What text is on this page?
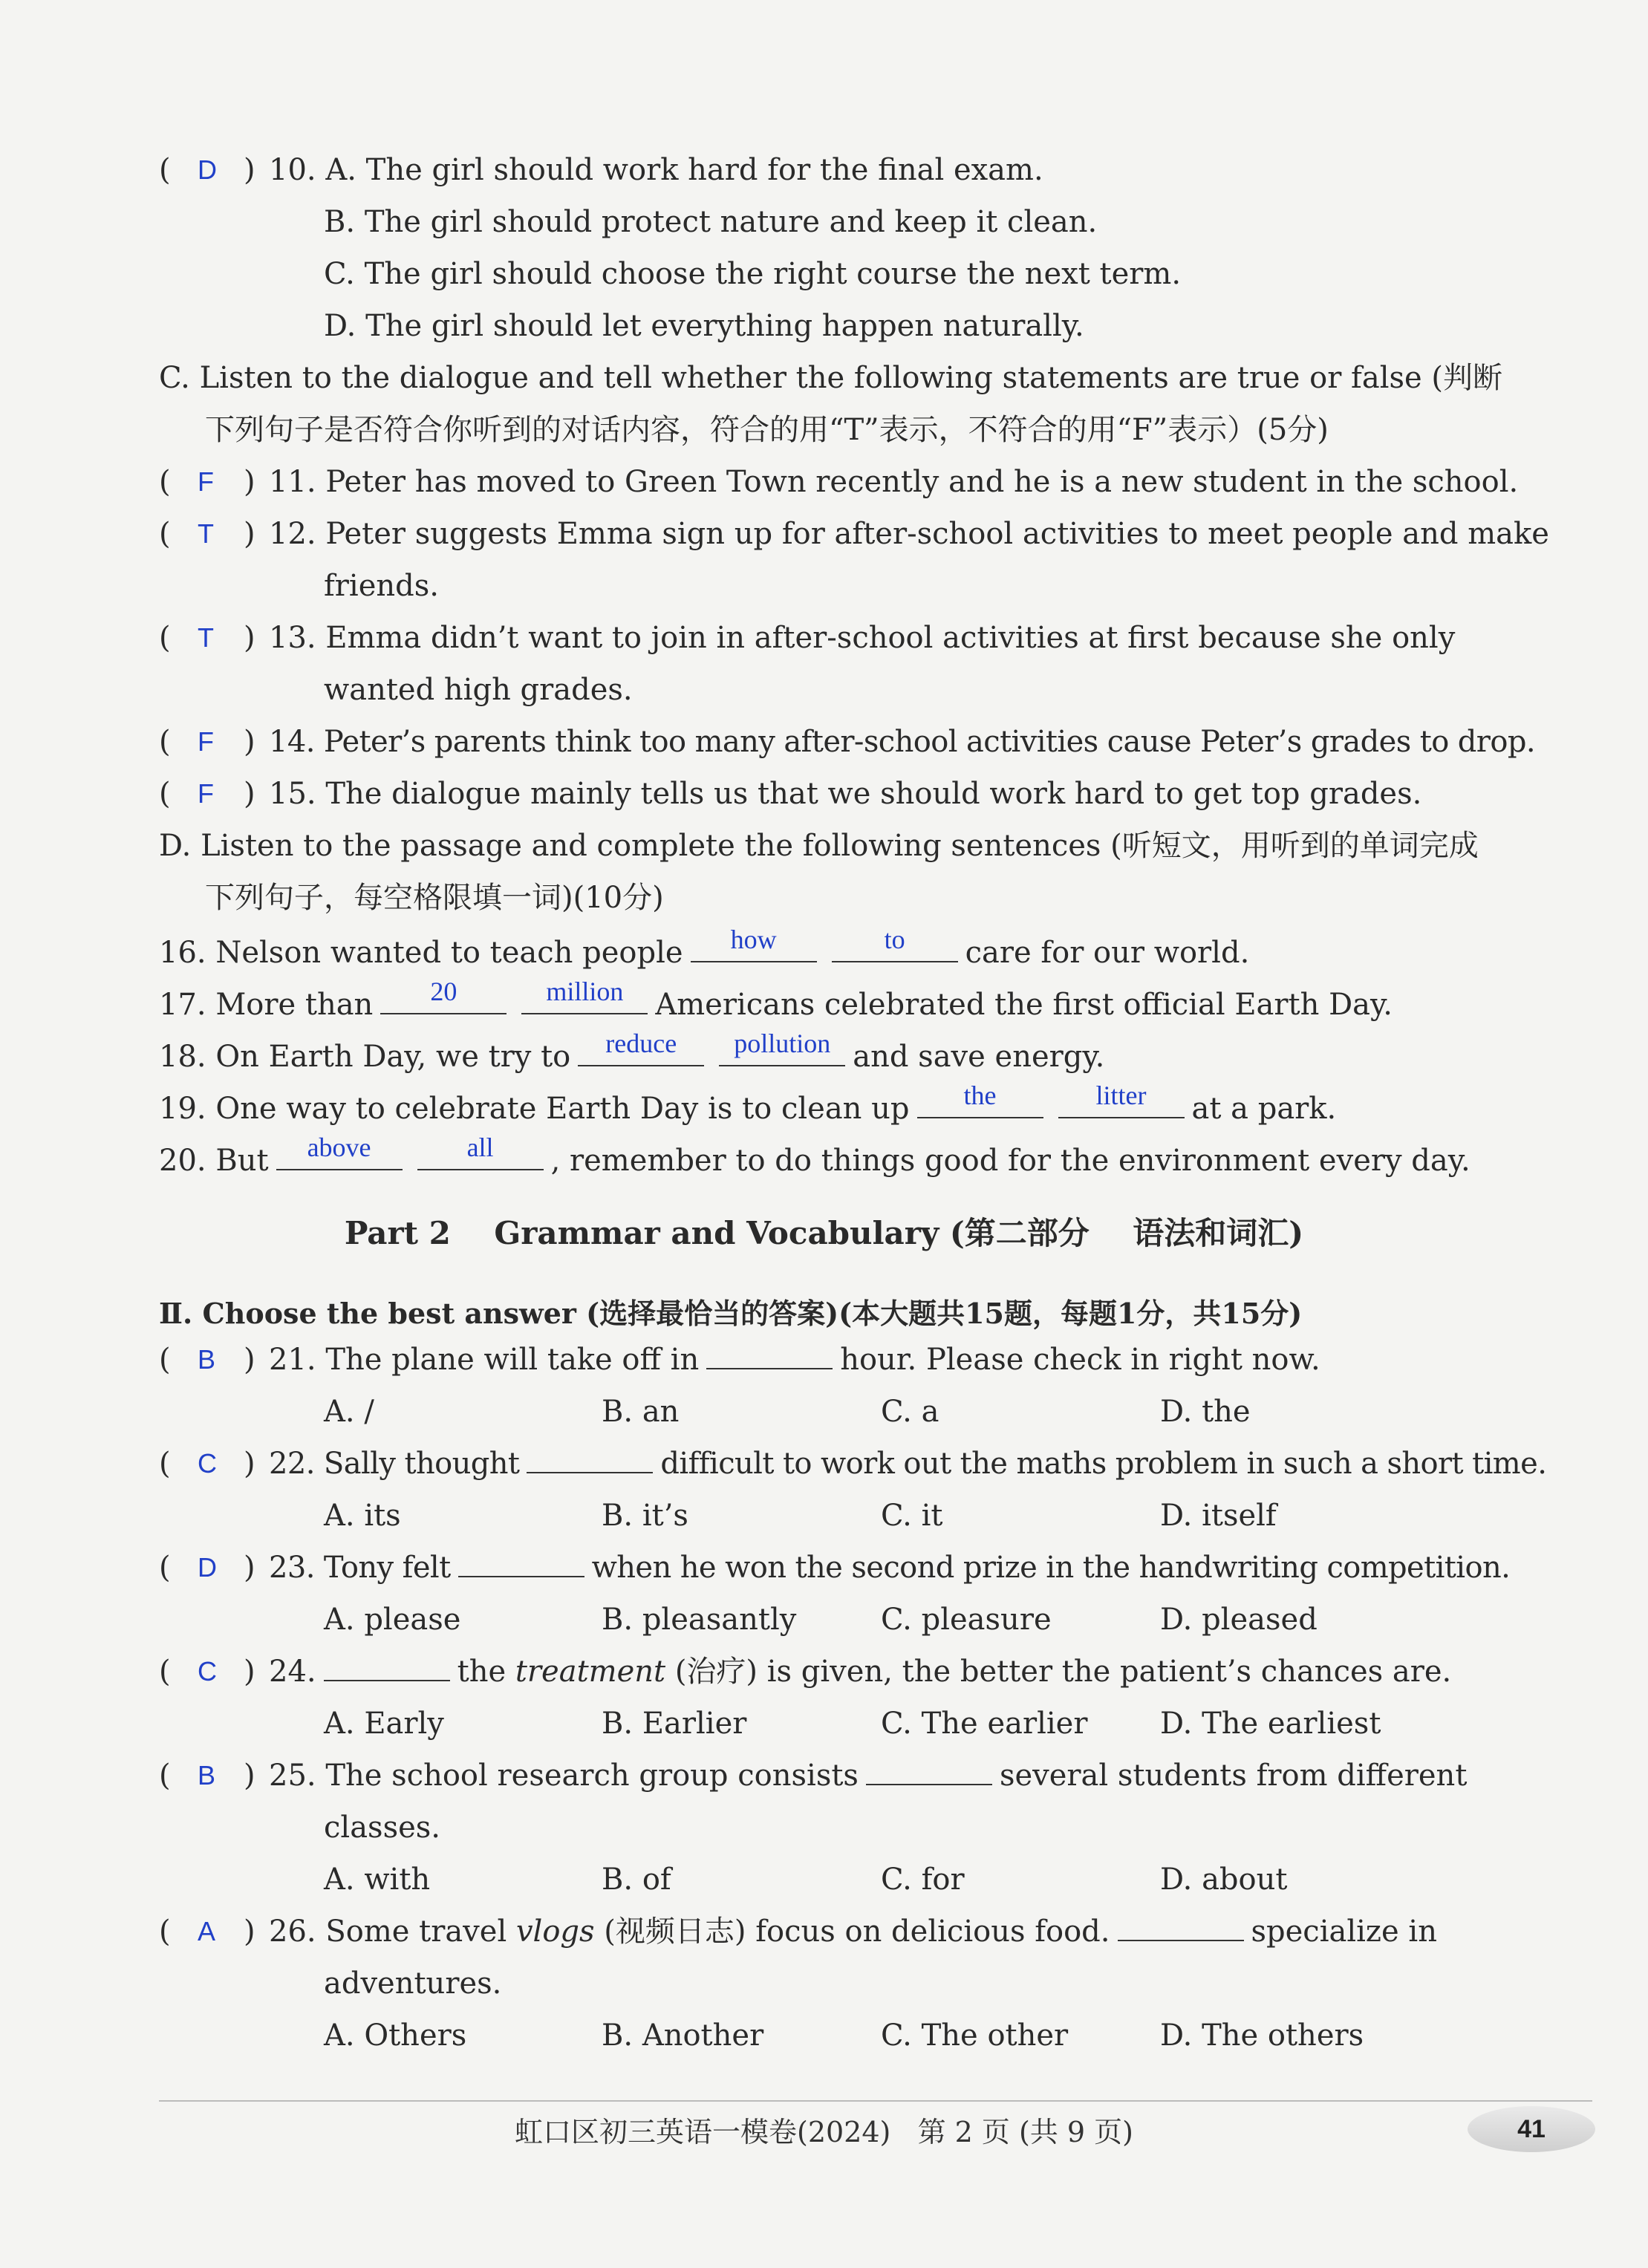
( D ) 10. A. The girl should work hard for the final exam.
B. The girl should protect nature and keep it clean.
C. The girl should choose the right course the next term.
D. The girl should let everything happen naturally.
C. Listen to the dialogue and tell whether the following statements are true or false (判断
下列句子是否符合你听到的对话内容，符合的用“T”表示，不符合的用“F”表示）(5分)
( F ) 11. Peter has moved to Green Town recently and he is a new student in the school.
( T ) 12. Peter suggests Emma sign up for after-school activities to meet people and make
friends.
( T ) 13. Emma didn’t want to join in after-school activities at first because she only
wanted high grades.
( F ) 14. Peter’s parents think too many after-school activities cause Peter’s grades to drop.
( F ) 15. The dialogue mainly tells us that we should work hard to get top grades.
D. Listen to the passage and complete the following sentences (听短文，用听到的单词完成
下列句子，每空格限填一词)(10分)
16. Nelson wanted to teach people	how	to	care for our world.
17. More than	20	million	Americans celebrated the first official Earth Day.
18. On Earth Day, we try to	reduce	pollution and save energy.
19. One way to celebrate Earth Day is to clean up	the	litter	at a park.
20. But	above	all	, remember to do things good for the environment every day.
Part 2    Grammar and Vocabulary (第二部分    语法和词汇)
Ⅱ. Choose the best answer (选择最恰当的答案)(本大题共15题，每题1分，共15分)
( B ) 21. The plane will take off in	hour. Please check in right now.
A. /	B. an	C. a	D. the
( C ) 22. Sally thought	difficult to work out the maths problem in such a short time.
A. its	B. it’s	C. it	D. itself
( D ) 23. Tony felt	when he won the second prize in the handwriting competition.
A. please	B. pleasantly	C. pleasure	D. pleased
( C ) 24.	the treatment (治疗) is given, the better the patient’s chances are.
A. Early	B. Earlier	C. The earlier D. The earliest
( B ) 25. The school research group consists	several students from different
classes.
A. with	B. of	C. for	D. about
( A ) 26. Some travel vlogs (视频日志) focus on delicious food.	specialize in
adventures.
A. Others	B. Another	C. The other	D. The others
虹口区初三英语一模卷(2024)   第 2 页 (共 9 页)	41
